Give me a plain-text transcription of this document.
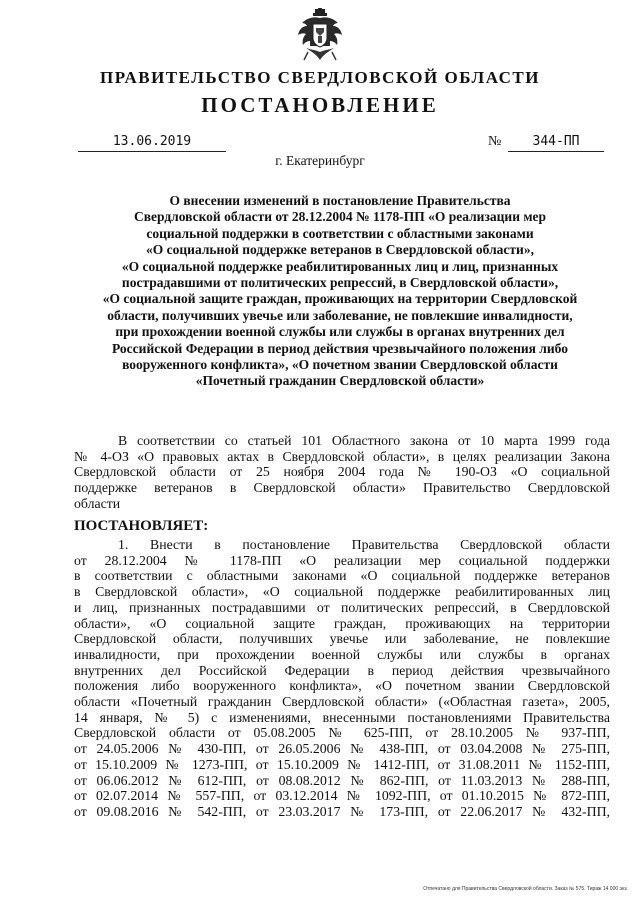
ПРАВИТЕЛЬСТВО СВЕРДЛОВСКОЙ ОБЛАСТИ
ПОСТАНОВЛЕНИЕ
13.06.2019	№	344-ПП
г. Екатеринбург
О внесении изменений в постановление Правительства
Свердловской области от 28.12.2004 № 1178-ПП «О реализации мер
социальной поддержки в соответствии с областными законами
«О социальной поддержке ветеранов в Свердловской области»,
«О социальной поддержке реабилитированных лиц и лиц, признанных
пострадавшими от политических репрессий, в Свердловской области»,
«О социальной защите граждан, проживающих на территории Свердловской
области, получивших увечье или заболевание, не повлекшие инвалидности,
при прохождении военной службы или службы в органах внутренних дел
Российской Федерации в период действия чрезвычайного положения либо
вооруженного конфликта», «О почетном звании Свердловской области
«Почетный гражданин Свердловской области»
В соответствии со статьей 101 Областного закона от 10 марта 1999 года
№ 4-ОЗ «О правовых актах в Свердловской области», в целях реализации Закона
Свердловской области от 25 ноября 2004 года № 190-ОЗ «О социальной
поддержке ветеранов в Свердловской области» Правительство Свердловской
области
ПОСТАНОВЛЯЕТ:
1. Внести в постановление Правительства Свердловской области
от 28.12.2004 № 1178-ПП «О реализации мер социальной поддержки
в соответствии с областными законами «О социальной поддержке ветеранов
в Свердловской области», «О социальной поддержке реабилитированных лиц
и лиц, признанных пострадавшими от политических репрессий, в Свердловской
области», «О социальной защите граждан, проживающих на территории
Свердловской области, получивших увечье или заболевание, не повлекшие
инвалидности, при прохождении военной службы или службы в органах
внутренних дел Российской Федерации в период действия чрезвычайного
положения либо вооруженного конфликта», «О почетном звании Свердловской
области «Почетный гражданин Свердловской области» («Областная газета», 2005,
14 января, № 5) с изменениями, внесенными постановлениями Правительства
Свердловской области от 05.08.2005 № 625-ПП, от 28.10.2005 № 937-ПП,
от 24.05.2006 № 430-ПП, от 26.05.2006 № 438-ПП, от 03.04.2008 № 275-ПП,
от 15.10.2009 № 1273-ПП, от 15.10.2009 № 1412-ПП, от 31.08.2011 № 1152-ПП,
от 06.06.2012 № 612-ПП, от 08.08.2012 № 862-ПП, от 11.03.2013 № 288-ПП,
от 02.07.2014 № 557-ПП, от 03.12.2014 № 1092-ПП, от 01.10.2015 № 872-ПП,
от 09.08.2016 № 542-ПП, от 23.03.2017 № 173-ПП, от 22.06.2017 № 432-ПП,
Отпечатано для Правительства Свердловской области. Заказ № 575. Тираж 14 000 экз.
